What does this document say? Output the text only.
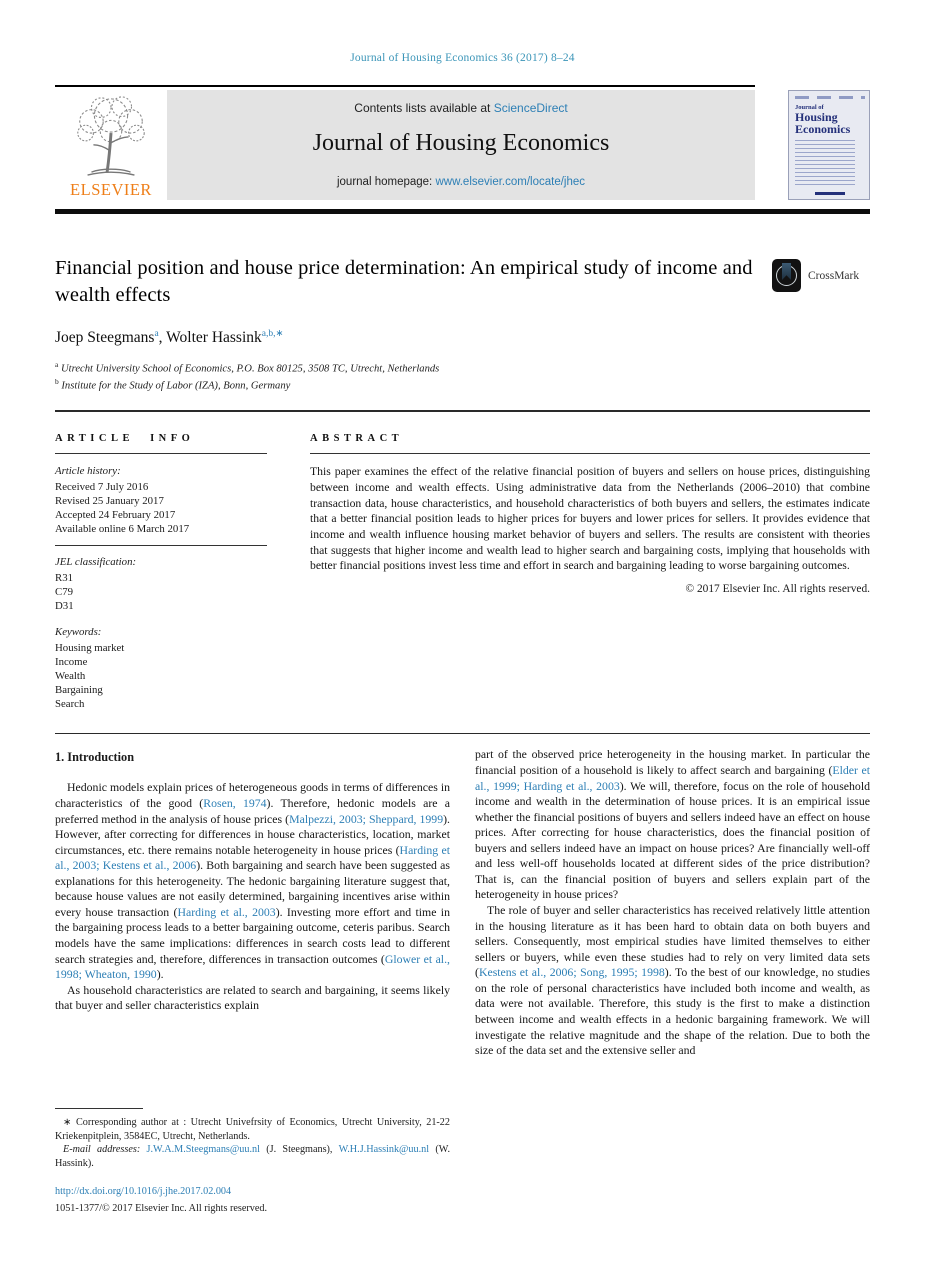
Journal of Housing Economics 36 (2017) 8–24
ELSEVIER
Contents lists available at ScienceDirect
Journal of Housing Economics
journal homepage: www.elsevier.com/locate/jhec
Journal of
Housing
Economics
Financial position and house price determination: An empirical study of income and wealth effects
CrossMark
Joep Steegmans$^a$, Wolter Hassink$^{a,b,∗}$
$^a$ Utrecht University School of Economics, P.O. Box 80125, 3508 TC, Utrecht, Netherlands
$^b$ Institute for the Study of Labor (IZA), Bonn, Germany
ARTICLE INFO
Article history:
Received 7 July 2016
Revised 25 January 2017
Accepted 24 February 2017
Available online 6 March 2017
JEL classification:
R31
C79
D31
Keywords:
Housing market
Income
Wealth
Bargaining
Search
ABSTRACT
This paper examines the effect of the relative financial position of buyers and sellers on house prices, distinguishing between income and wealth effects. Using administrative data from the Netherlands (2006–2010) that combine transaction data, house characteristics, and household characteristics of both buyers and sellers, the estimates indicate that a better financial position leads to higher prices for buyers and lower prices for sellers. It provides evidence that income and wealth influence housing market behavior of buyers and sellers. The results are consistent with theories that suggests that higher income and wealth lead to higher search and bargaining costs, implying that households with better financial positions invest less time and effort in search and bargaining leading to worse bargaining outcomes.
© 2017 Elsevier Inc. All rights reserved.
1. Introduction

Hedonic models explain prices of heterogeneous goods in terms of differences in characteristics of the good (Rosen, 1974). Therefore, hedonic models are a preferred method in the analysis of house prices (Malpezzi, 2003; Sheppard, 1999). However, after correcting for differences in house characteristics, location, market circumstances, etc. there remains notable heterogeneity in house prices (Harding et al., 2003; Kestens et al., 2006). Both bargaining and search have been suggested as explanations for this heterogeneity. The hedonic bargaining literature suggest that, because house values are not easily determined, bargaining incentives arise within every house transaction (Harding et al., 2003). Investing more effort and time in the bargaining process leads to a better bargaining outcome, ceteris paribus. Search models have the same implications: differences in search costs lead to different search strategies and, therefore, differences in transaction outcomes (Glower et al., 1998; Wheaton, 1990).

As household characteristics are related to search and bargaining, it seems likely that buyer and seller characteristics explain

∗ Corresponding author at : Utrecht Univefrsity of Economics, Utrecht University, 21-22 Kriekenpitplein, 3584EC, Utrecht, Netherlands.

E-mail addresses: J.W.A.M.Steegmans@uu.nl (J. Steegmans), W.H.J.Hassink@uu.nl (W. Hassink).

http://dx.doi.org/10.1016/j.jhe.2017.02.004

1051-1377/© 2017 Elsevier Inc. All rights reserved.

part of the observed price heterogeneity in the housing market. In particular the financial position of a household is likely to affect search and bargaining (Elder et al., 1999; Harding et al., 2003). We will, therefore, focus on the role of household income and wealth in the determination of house prices. It is an empirical issue whether the financial positions of buyers and sellers indeed have an effect on house prices. After correcting for house characteristics, does the financial position of buyers and sellers indeed have an impact on house prices? Are financially well-off and less well-off households located at different sides of the price distribution? That is, can the financial position of buyers and sellers explain part of the heterogeneity in house prices?

The role of buyer and seller characteristics has received relatively little attention in the housing literature as it has been hard to obtain data on both buyers and sellers. Consequently, most empirical studies have limited themselves to either sellers or buyers, while even these studies had to rely on very limited data sets (Kestens et al., 2006; Song, 1995; 1998). To the best of our knowledge, no studies on the role of personal characteristics have included both income and wealth, as data were not available. Therefore, this study is the first to make a distinction between income and wealth effects in a hedonic bargaining framework. We will investigate the relative magnitude and the shape of the relation. Due to both the size of the data set and the extensive seller and
